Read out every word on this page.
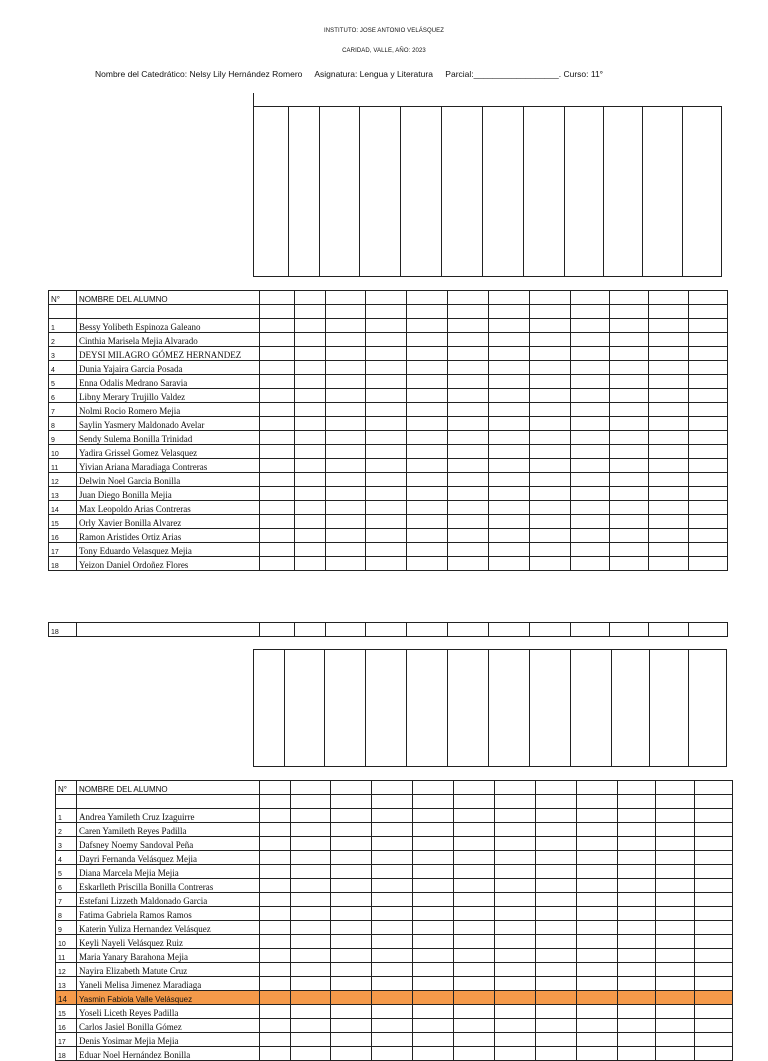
INSTITUTO: JOSE ANTONIO VELÁSQUEZ
CARIDAD, VALLE, AÑO: 2023
Nombre del Catedrático: Nelsy Lily Hernández Romero Asignatura: Lengua y Literatura Parcial:__________________. Curso: 11°

N°	NOMBRE DEL ALUMNO												

1	Bessy Yolibeth Espinoza Galeano												
2	Cinthia Marisela Mejia Alvarado												
3	DEYSI MILAGRO GÓMEZ HERNANDEZ												
4	Dunia Yajaira Garcia Posada												
5	Enna Odalis Medrano Saravia												
6	Libny Merary Trujillo Valdez												
7	Nolmi Rocio Romero Mejia												
8	Saylin Yasmery Maldonado Avelar												
9	Sendy Sulema Bonilla Trinidad												
10	Yadira Grissel Gomez Velasquez												
11	Yivian Ariana Maradiaga Contreras												
12	Delwin Noel Garcia Bonilla												
13	Juan Diego Bonilla Mejia												
14	Max Leopoldo Arias Contreras												
15	Orly Xavier Bonilla Alvarez												
16	Ramon Aristides Ortiz Arias												
17	Tony Eduardo Velasquez Mejia												
18	Yeizon Daniel Ordoñez Flores												
18													

N°	NOMBRE DEL ALUMNO												

1	Andrea Yamileth Cruz Izaguirre												
2	Caren Yamileth Reyes Padilla												
3	Dafsney Noemy Sandoval Peña												
4	Dayri Fernanda Velásquez Mejia												
5	Diana Marcela Mejia Mejia												
6	Eskarlleth Priscilla Bonilla Contreras												
7	Estefani Lizzeth Maldonado Garcia												
8	Fatima Gabriela Ramos Ramos												
9	Katerin Yuliza Hernandez Velásquez												
10	Keyli Nayeli Velásquez Ruiz												
11	Maria Yanary Barahona Mejia												
12	Nayira Elizabeth Matute Cruz												
13	Yaneli Melisa Jimenez Maradiaga												
14	Yasmin Fabiola Valle Velásquez												
15	Yoseli Liceth Reyes Padilla												
16	Carlos Jasiel Bonilla Gómez												
17	Denis Yosimar Mejia Mejia												
18	Eduar Noel Hernández Bonilla												
